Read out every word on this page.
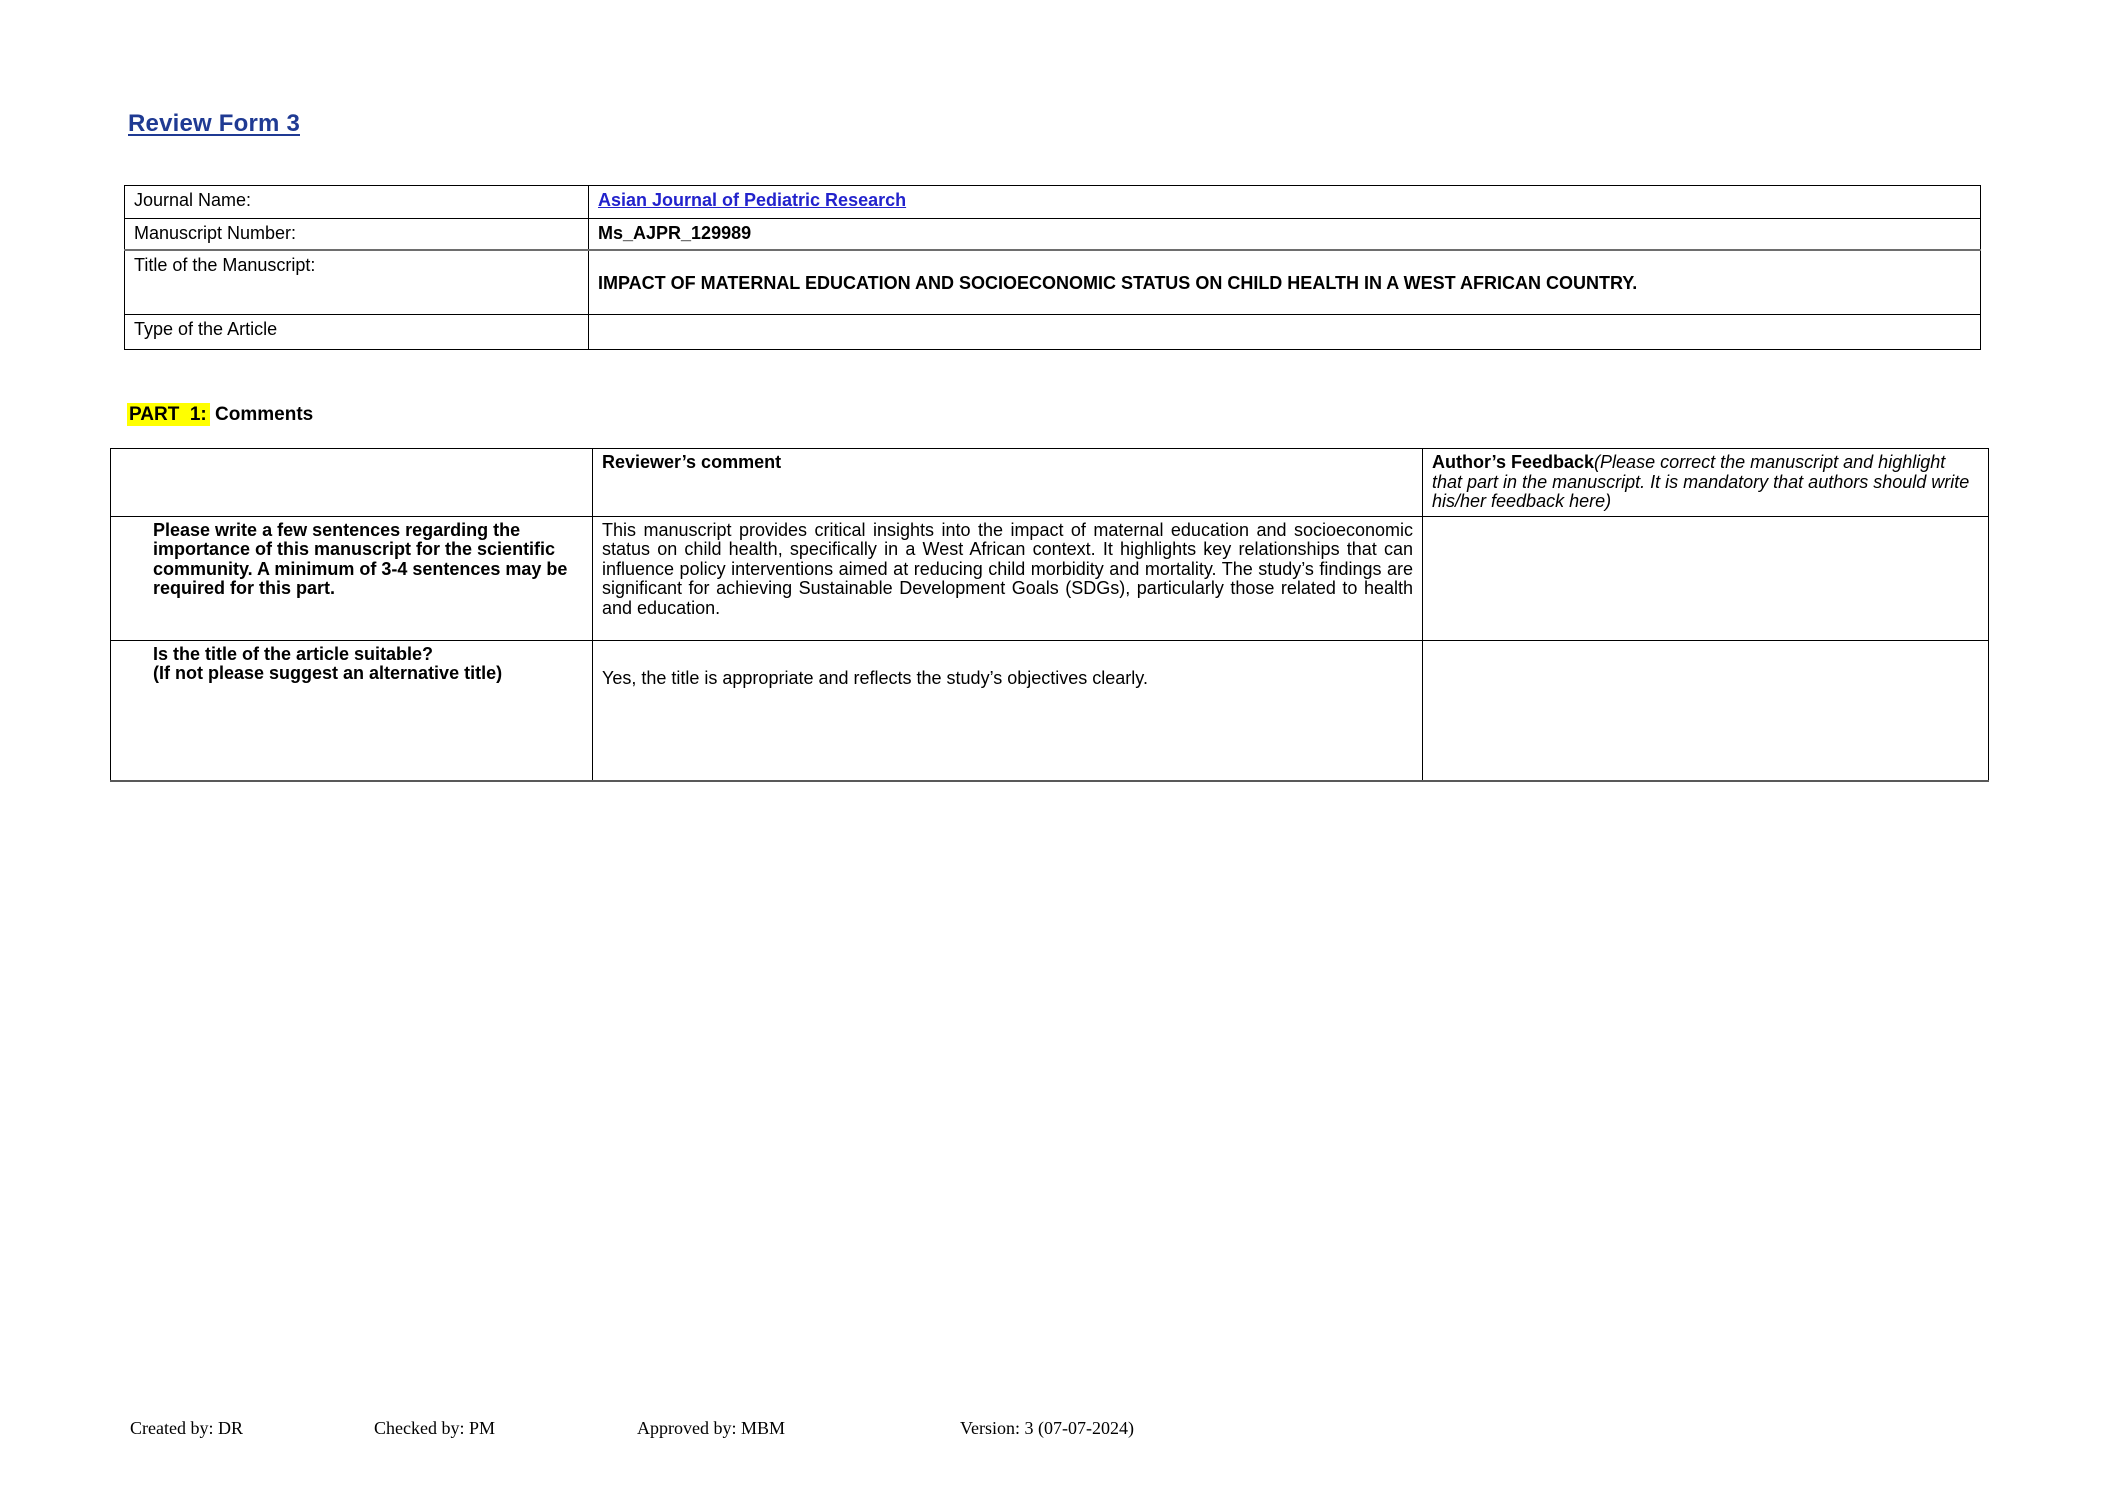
Review Form 3
Journal Name:	Asian Journal of Pediatric Research
Manuscript Number:	Ms_AJPR_129989
Title of the Manuscript:	IMPACT OF MATERNAL EDUCATION AND SOCIOECONOMIC STATUS ON CHILD HEALTH IN A WEST AFRICAN COUNTRY.
Type of the Article	
PART  1: Comments
	Reviewer’s comment	Author’s Feedback(Please correct the manuscript and highlight that part in the manuscript. It is mandatory that authors should write his/her feedback here)
Please write a few sentences regarding the importance of this manuscript for the scientific community. A minimum of 3-4 sentences may be required for this part.	This manuscript provides critical insights into the impact of maternal education and socioeconomic status on child health, specifically in a West African context. It highlights key relationships that can influence policy interventions aimed at reducing child morbidity and mortality. The study’s findings are significant for achieving Sustainable Development Goals (SDGs), particularly those related to health and education.	

Is the title of the article suitable?
(If not please suggest an alternative title)	Yes, the title is appropriate and reflects the study’s objectives clearly.	
Created by: DR	Checked by: PM	Approved by: MBM	Version: 3 (07-07-2024)
